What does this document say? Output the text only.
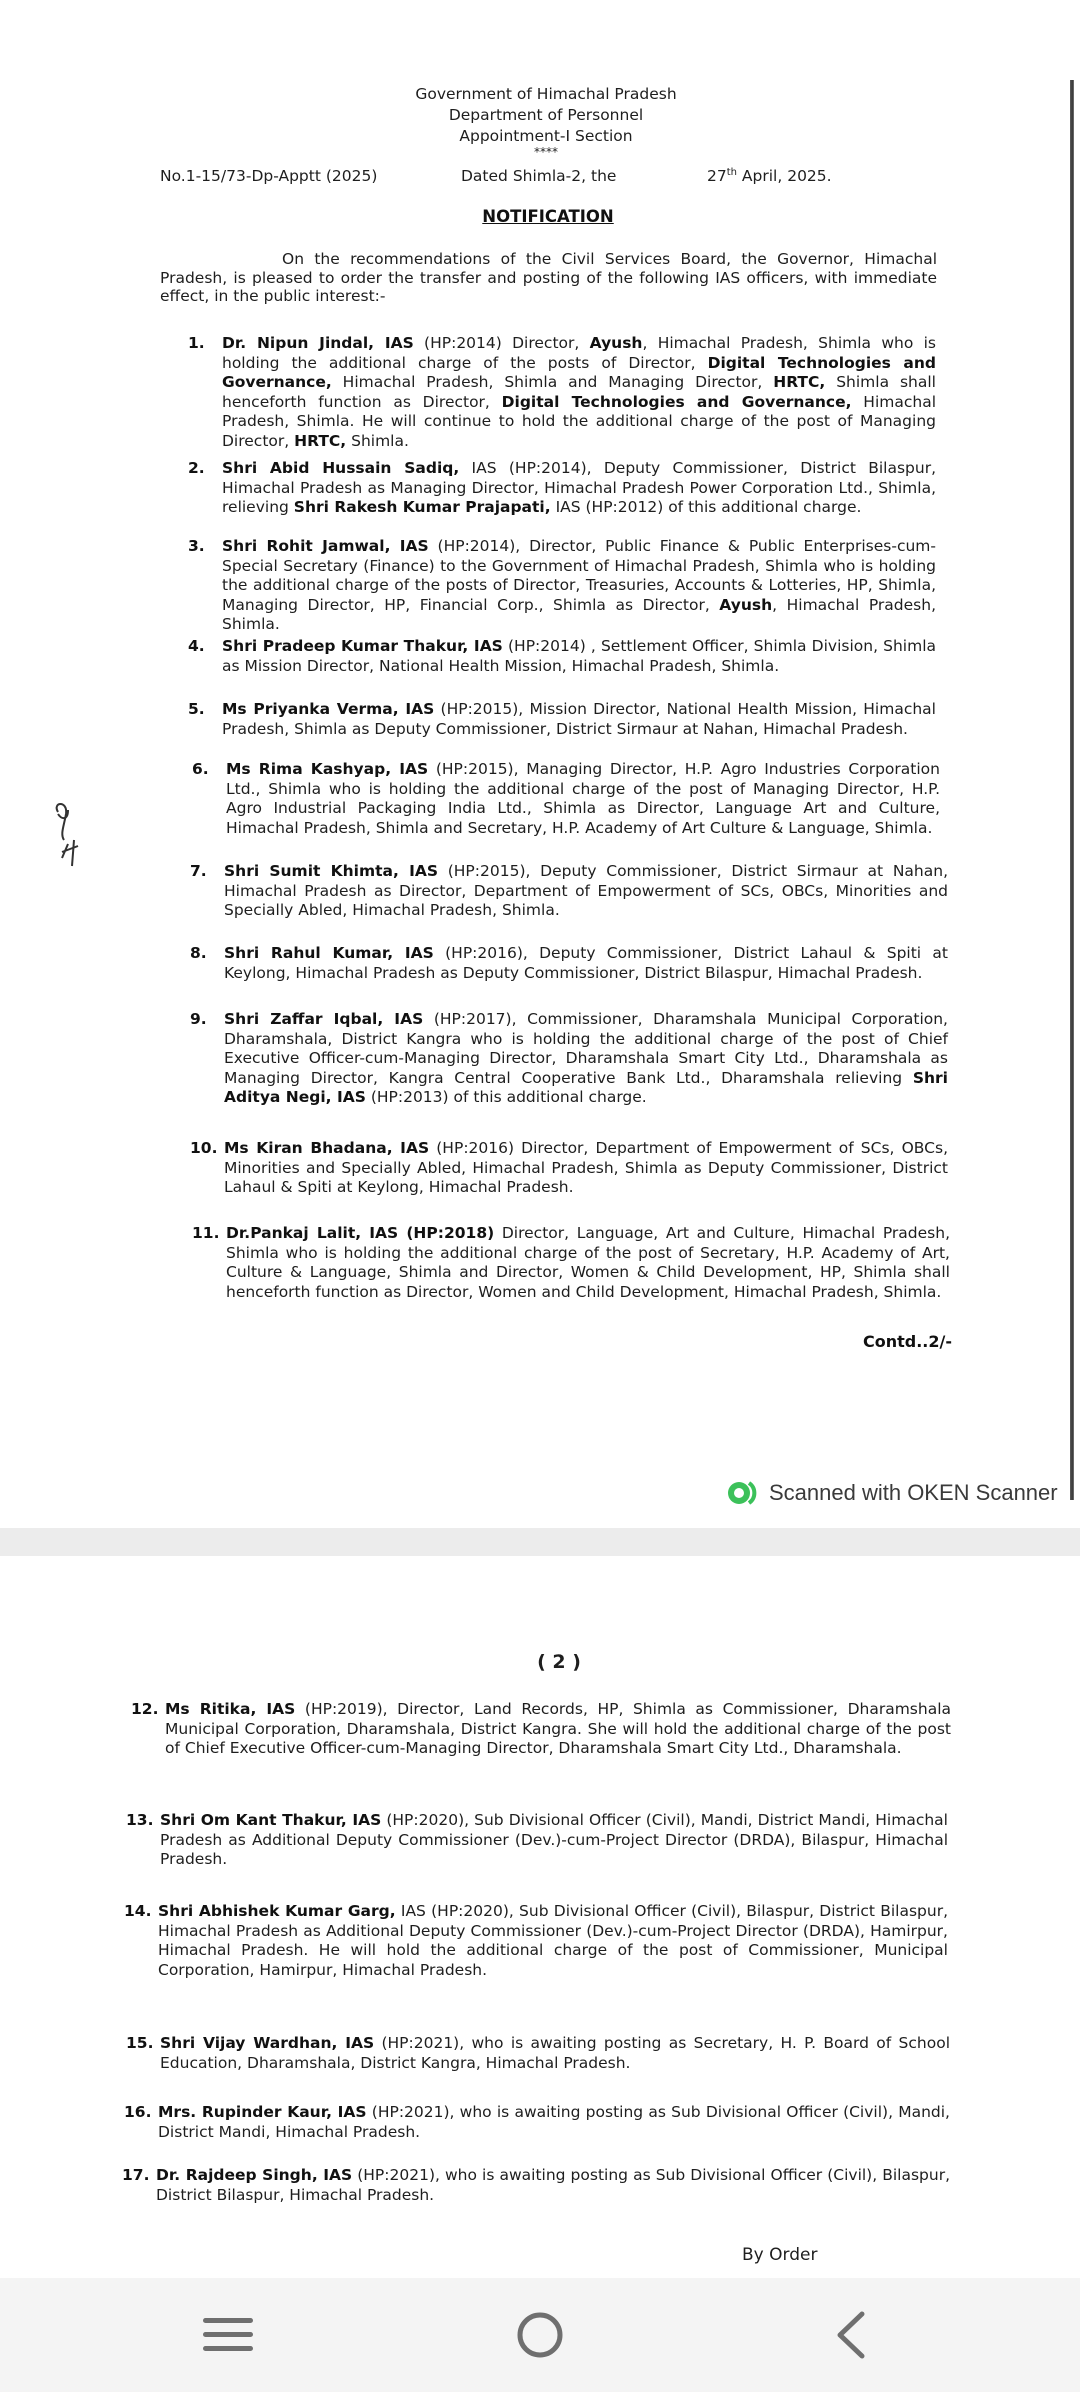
Government of Himachal Pradesh
Department of Personnel
Appointment-I Section
****
No.1-15/73-Dp-Apptt (2025)	Dated Shimla-2, the	27th April, 2025.
NOTIFICATION
On the recommendations of the Civil Services Board, the Governor, Himachal Pradesh, is pleased to order the transfer and posting of the following IAS officers, with immediate effect, in the public interest:-
Contd..2/-
Scanned with OKEN Scanner
( 2 )
By Order
1. Dr. Nipun Jindal, IAS (HP:2014) Director, Ayush, Himachal Pradesh, Shimla who is holding the additional charge of the posts of Director, Digital Technologies and Governance, Himachal Pradesh, Shimla and Managing Director, HRTC, Shimla shall henceforth function as Director, Digital Technologies and Governance, Himachal Pradesh, Shimla. He will continue to hold the additional charge of the post of Managing Director, HRTC, Shimla.
2. Shri Abid Hussain Sadiq, IAS (HP:2014), Deputy Commissioner, District Bilaspur, Himachal Pradesh as Managing Director, Himachal Pradesh Power Corporation Ltd., Shimla, relieving Shri Rakesh Kumar Prajapati, IAS (HP:2012) of this additional charge.
3. Shri Rohit Jamwal, IAS (HP:2014), Director, Public Finance & Public Enterprises-cum-Special Secretary (Finance) to the Government of Himachal Pradesh, Shimla who is holding the additional charge of the posts of Director, Treasuries, Accounts & Lotteries, HP, Shimla, Managing Director, HP, Financial Corp., Shimla as Director, Ayush, Himachal Pradesh, Shimla.
4. Shri Pradeep Kumar Thakur, IAS (HP:2014) , Settlement Officer, Shimla Division, Shimla as Mission Director, National Health Mission, Himachal Pradesh, Shimla.
5. Ms Priyanka Verma, IAS (HP:2015), Mission Director, National Health Mission, Himachal Pradesh, Shimla as Deputy Commissioner, District Sirmaur at Nahan, Himachal Pradesh.
6. Ms Rima Kashyap, IAS (HP:2015), Managing Director, H.P. Agro Industries Corporation Ltd., Shimla who is holding the additional charge of the post of Managing Director, H.P. Agro Industrial Packaging India Ltd., Shimla as Director, Language Art and Culture, Himachal Pradesh, Shimla and Secretary, H.P. Academy of Art Culture & Language, Shimla.
7. Shri Sumit Khimta, IAS (HP:2015), Deputy Commissioner, District Sirmaur at Nahan, Himachal Pradesh as Director, Department of Empowerment of SCs, OBCs, Minorities and Specially Abled, Himachal Pradesh, Shimla.
8. Shri Rahul Kumar, IAS (HP:2016), Deputy Commissioner, District Lahaul & Spiti at Keylong, Himachal Pradesh as Deputy Commissioner, District Bilaspur, Himachal Pradesh.
9. Shri Zaffar Iqbal, IAS (HP:2017), Commissioner, Dharamshala Municipal Corporation, Dharamshala, District Kangra who is holding the additional charge of the post of Chief Executive Officer-cum-Managing Director, Dharamshala Smart City Ltd., Dharamshala as Managing Director, Kangra Central Cooperative Bank Ltd., Dharamshala relieving Shri Aditya Negi, IAS (HP:2013) of this additional charge.
10. Ms Kiran Bhadana, IAS (HP:2016) Director, Department of Empowerment of SCs, OBCs, Minorities and Specially Abled, Himachal Pradesh, Shimla as Deputy Commissioner, District Lahaul & Spiti at Keylong, Himachal Pradesh.
11. Dr.Pankaj Lalit, IAS (HP:2018) Director, Language, Art and Culture, Himachal Pradesh, Shimla who is holding the additional charge of the post of Secretary, H.P. Academy of Art, Culture & Language, Shimla and Director, Women & Child Development, HP, Shimla shall henceforth function as Director, Women and Child Development, Himachal Pradesh, Shimla.
12. Ms Ritika, IAS (HP:2019), Director, Land Records, HP, Shimla as Commissioner, Dharamshala Municipal Corporation, Dharamshala, District Kangra. She will hold the additional charge of the post of Chief Executive Officer-cum-Managing Director, Dharamshala Smart City Ltd., Dharamshala.
13. Shri Om Kant Thakur, IAS (HP:2020), Sub Divisional Officer (Civil), Mandi, District Mandi, Himachal Pradesh as Additional Deputy Commissioner (Dev.)-cum-Project Director (DRDA), Bilaspur, Himachal Pradesh.
14. Shri Abhishek Kumar Garg, IAS (HP:2020), Sub Divisional Officer (Civil), Bilaspur, District Bilaspur, Himachal Pradesh as Additional Deputy Commissioner (Dev.)-cum-Project Director (DRDA), Hamirpur, Himachal Pradesh. He will hold the additional charge of the post of Commissioner, Municipal Corporation, Hamirpur, Himachal Pradesh.
15. Shri Vijay Wardhan, IAS (HP:2021), who is awaiting posting as Secretary, H. P. Board of School Education, Dharamshala, District Kangra, Himachal Pradesh.
16. Mrs. Rupinder Kaur, IAS (HP:2021), who is awaiting posting as Sub Divisional Officer (Civil), Mandi, District Mandi, Himachal Pradesh.
17. Dr. Rajdeep Singh, IAS (HP:2021), who is awaiting posting as Sub Divisional Officer (Civil), Bilaspur, District Bilaspur, Himachal Pradesh.
